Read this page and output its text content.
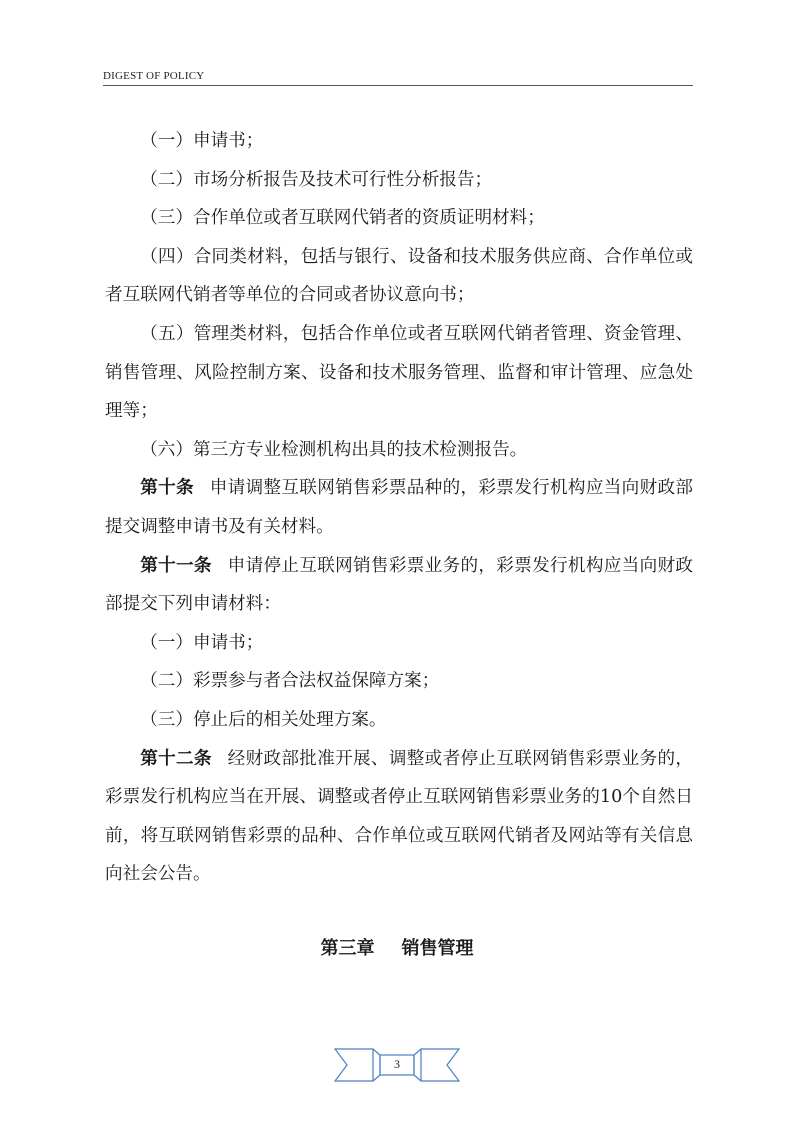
DIGEST OF POLICY

（一）申请书；

（二）市场分析报告及技术可行性分析报告；

（三）合作单位或者互联网代销者的资质证明材料；

（四）合同类材料，包括与银行、设备和技术服务供应商、合作单位或者互联网代销者等单位的合同或者协议意向书；

（五）管理类材料，包括合作单位或者互联网代销者管理、资金管理、销售管理、风险控制方案、设备和技术服务管理、监督和审计管理、应急处理等；

（六）第三方专业检测机构出具的技术检测报告。

第十条 申请调整互联网销售彩票品种的，彩票发行机构应当向财政部提交调整申请书及有关材料。

第十一条 申请停止互联网销售彩票业务的，彩票发行机构应当向财政部提交下列申请材料：

（一）申请书；

（二）彩票参与者合法权益保障方案；

（三）停止后的相关处理方案。

第十二条 经财政部批准开展、调整或者停止互联网销售彩票业务的，彩票发行机构应当在开展、调整或者停止互联网销售彩票业务的10个自然日前，将互联网销售彩票的品种、合作单位或互联网代销者及网站等有关信息向社会公告。

第三章 销售管理
3
